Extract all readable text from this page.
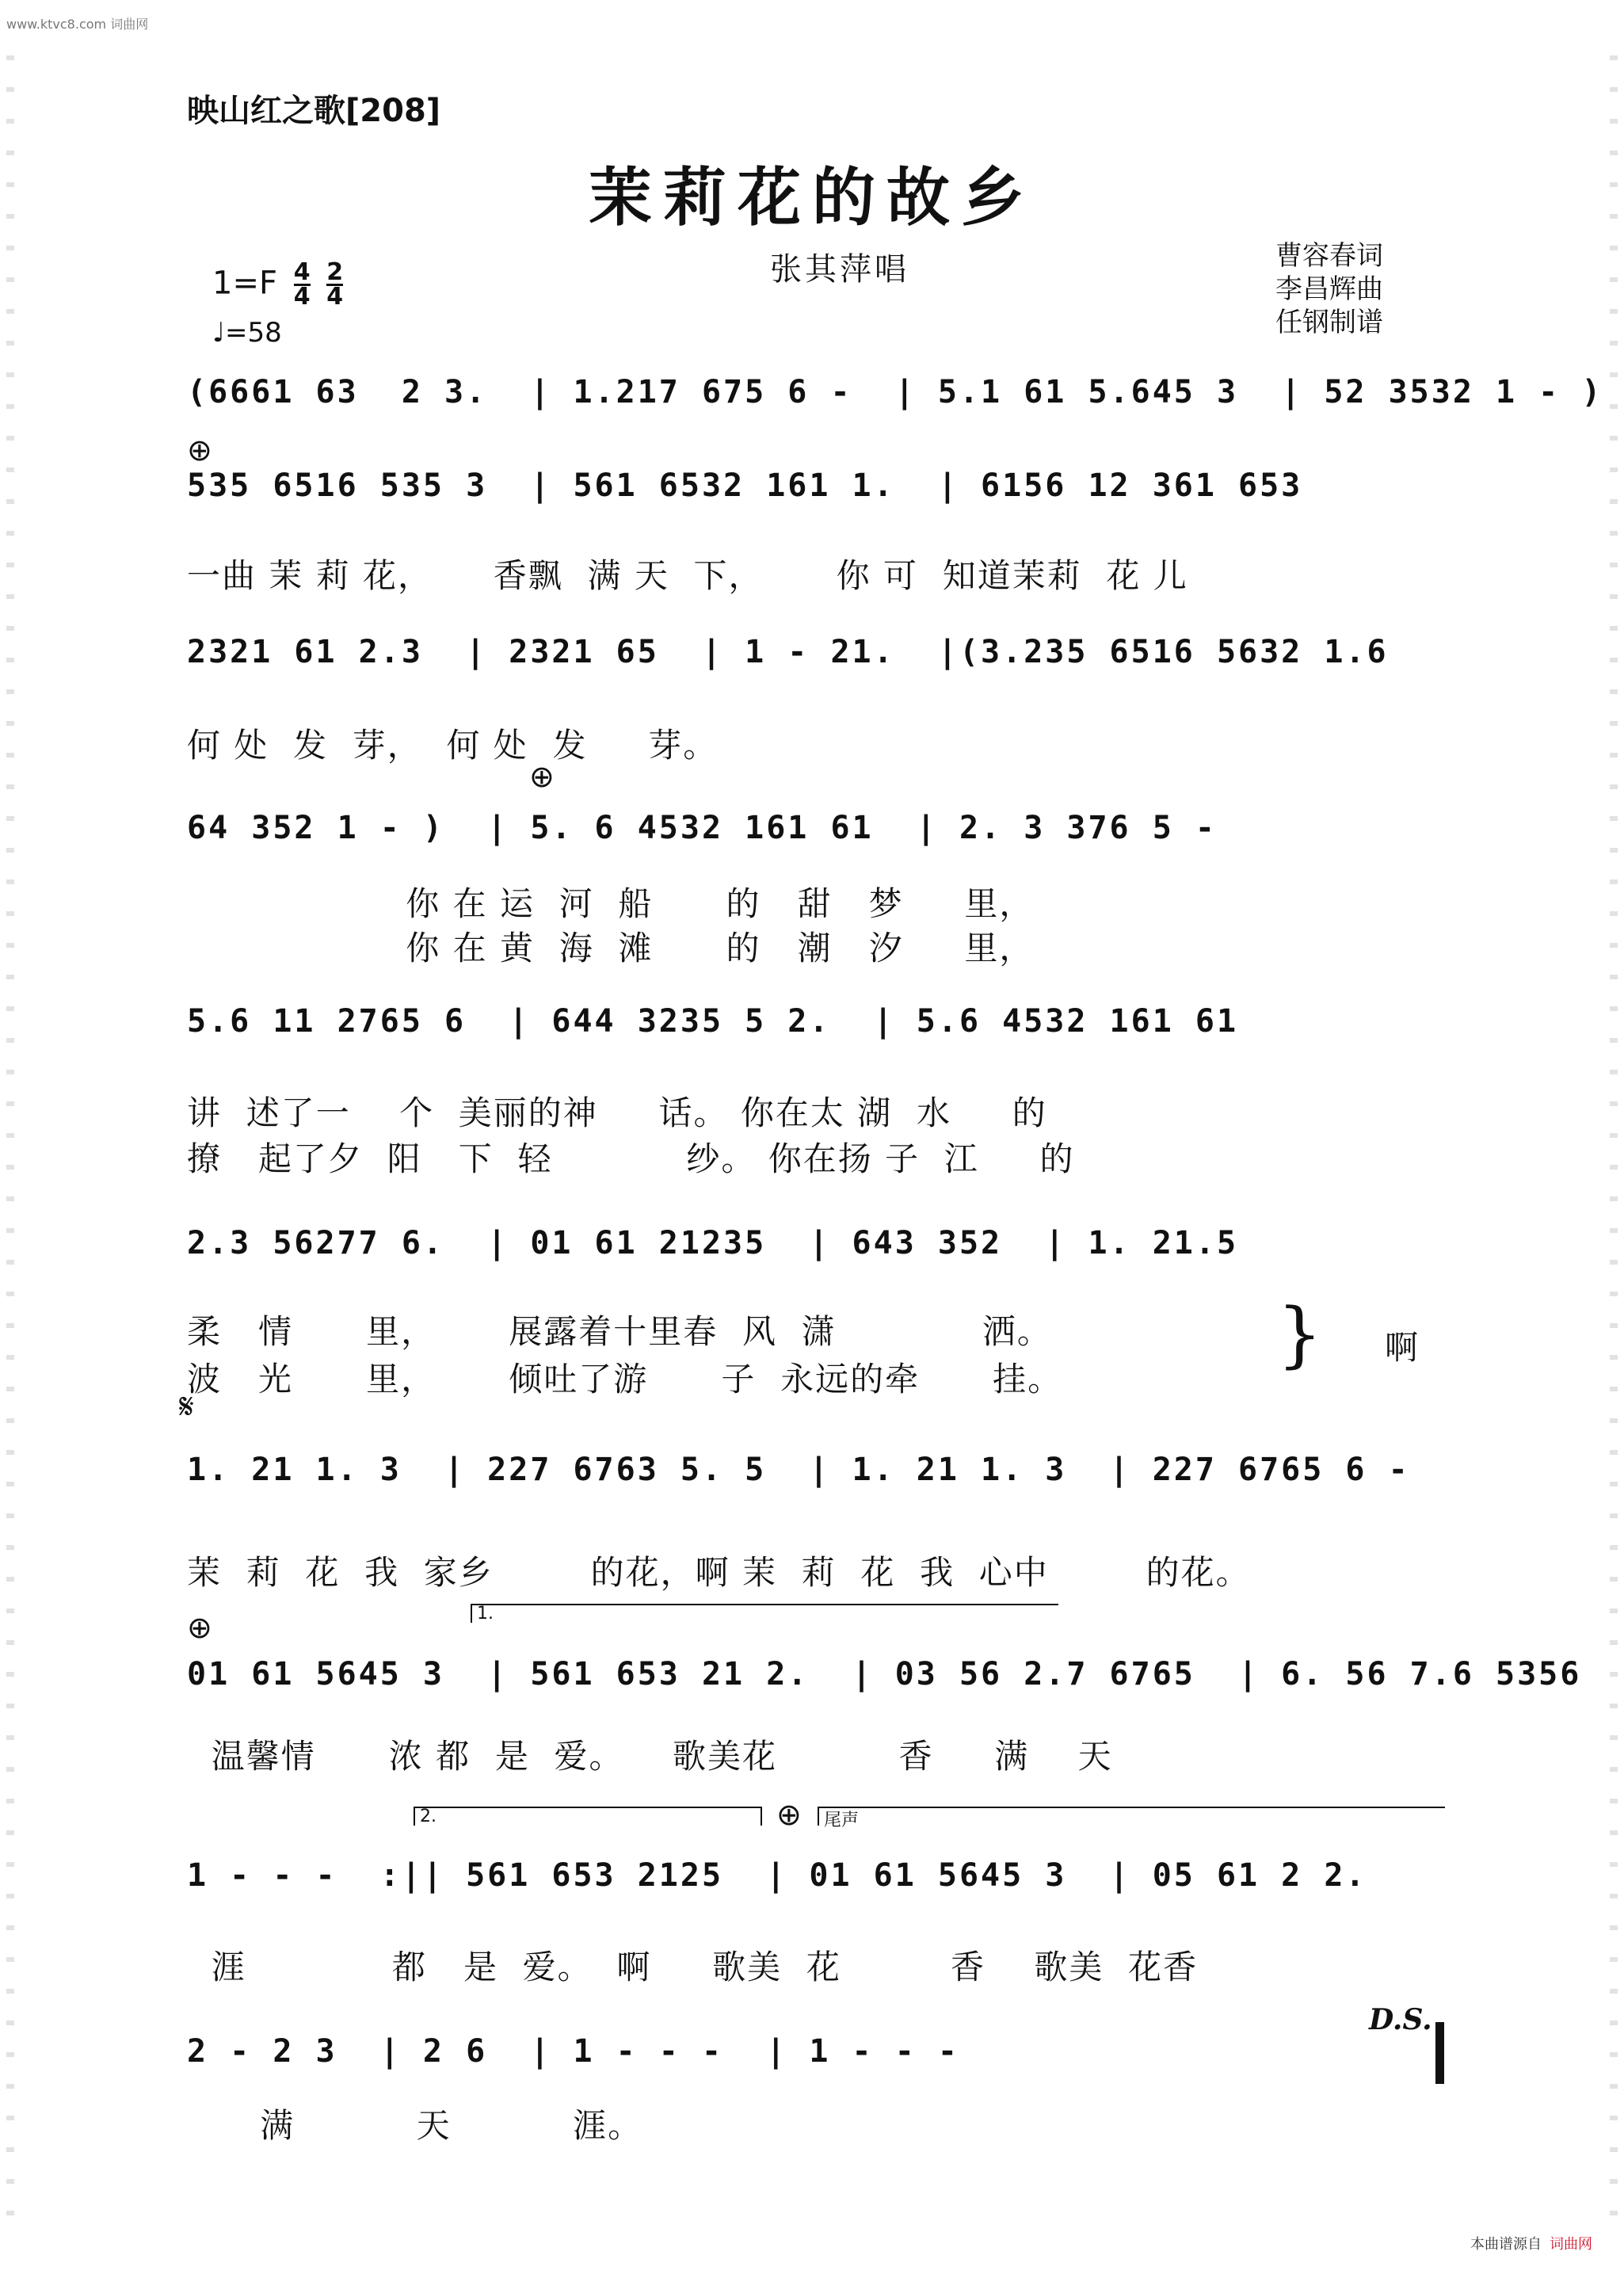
www.ktvc8.com 词曲网
映山红之歌[208]
茉莉花的故乡
张其萍唱	曹容春词
李昌辉曲
任钢制谱
$1=F \frac{4}{4}$
$\frac{2}{4}$
♩=58
(6661 63  2 3.  | 1.217 675 6 -  | 5.1 61 5.645 3  | 52 3532 1 - )
⊕
535 6516 535 3  | 561 6532 161 1.  | 6156 12 361 653
一曲 茉 莉 花，     香飘  满 天  下，      你 可  知道茉莉  花 儿
2321 61 2.3  | 2321 65  | 1 - 21.  |(3.235 6516 5632 1.6
何 处  发  芽，  何 处  发     芽。
⊕
64 352 1 - )  | 5. 6 4532 161 61  | 2. 3 376 5 -
你 在 运  河  船      的   甜   梦     里，
你 在 黄  海  滩      的   潮   汐     里，
5.6 11 2765 6  | 644 3235 5 2.  | 5.6 4532 161 61
讲  述了一    个  美丽的神     话。 你在太 湖  水     的
撩   起了夕  阳   下  轻           纱。 你在扬 子  江     的
2.3 56277 6.  | 01 61 21235  | 643 352  | 1. 21.5
柔   情      里，      展露着十里春  风  潇            洒。
波   光      里，      倾吐了游      子  永远的牵      挂。
} 啊
𝄋
1. 21 1. 3  | 227 6763 5. 5  | 1. 21 1. 3  | 227 6765 6 -
茉  莉  花  我  家乡        的花，啊 茉  莉  花  我  心中        的花。
⊕	1.
01 61 5645 3  | 561 653 21 2.  | 03 56 2.7 6765  | 6. 56 7.6 5356
温馨情      浓 都  是  爱。    歌美花          香     满    天
2.	⊕ 尾声
1 - - -  :|| 561 653 2125  | 01 61 5645 3  | 05 61 2 2.
涯            都   是  爱。  啊     歌美  花         香    歌美  花香
D.S.
2 - 2 3  | 2 6  | 1 - - -  | 1 - - -
满          天          涯。
本曲谱源自 词曲网
